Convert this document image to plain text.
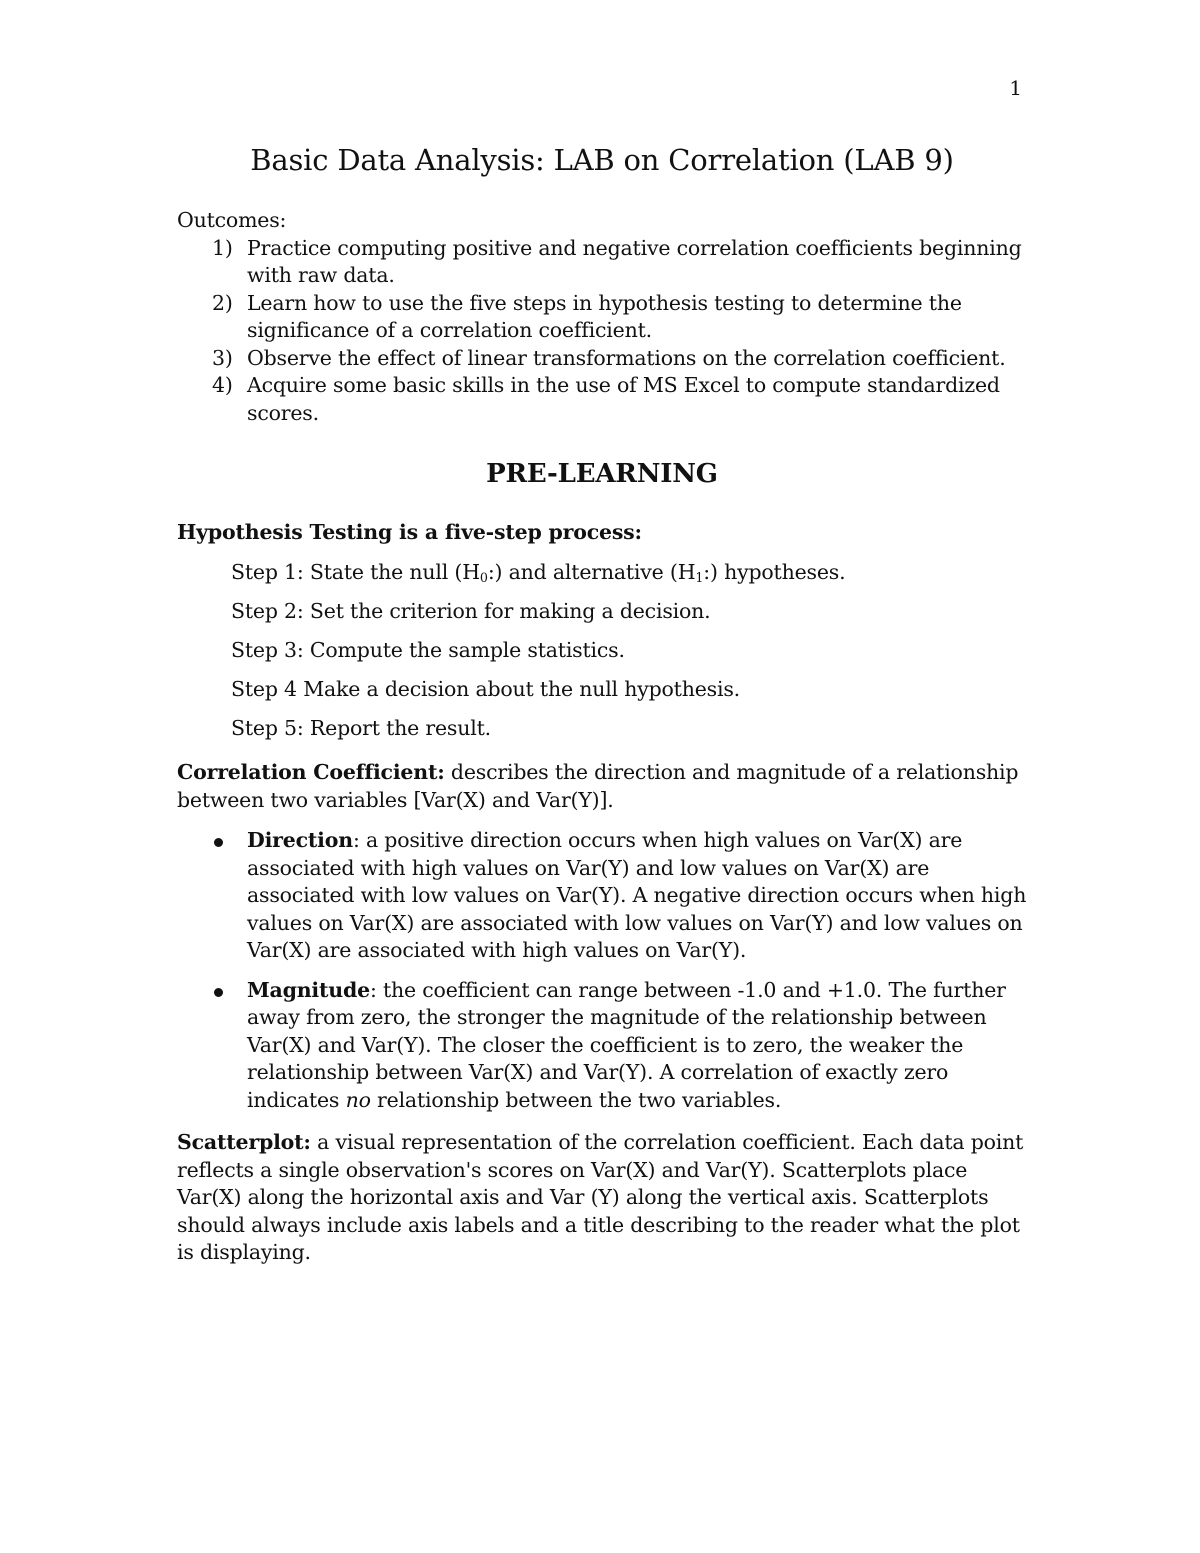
1
Basic Data Analysis: LAB on Correlation (LAB 9)

Outcomes:

1) Practice computing positive and negative correlation coefficients beginning with raw data.
2) Learn how to use the five steps in hypothesis testing to determine the significance of a correlation coefficient.
3) Observe the effect of linear transformations on the correlation coefficient.
4) Acquire some basic skills in the use of MS Excel to compute standardized scores.
PRE-LEARNING

Hypothesis Testing is a five-step process:

Step 1: State the null $(H_0:)$ and alternative $(H_1:)$ hypotheses.
Step 2: Set the criterion for making a decision.
Step 3: Compute the sample statistics.
Step 4 Make a decision about the null hypothesis.
Step 5: Report the result.

Correlation Coefficient: describes the direction and magnitude of a relationship between two variables [Var(X) and Var(Y)].

Direction: a positive direction occurs when high values on Var(X) are associated with high values on Var(Y) and low values on Var(X) are associated with low values on Var(Y). A negative direction occurs when high values on Var(X) are associated with low values on Var(Y) and low values on Var(X) are associated with high values on Var(Y).
Magnitude: the coefficient can range between -1.0 and +1.0. The further away from zero, the stronger the magnitude of the relationship between Var(X) and Var(Y). The closer the coefficient is to zero, the weaker the relationship between Var(X) and Var(Y). A correlation of exactly zero indicates no relationship between the two variables.

Scatterplot: a visual representation of the correlation coefficient. Each data point reflects a single observation's scores on Var(X) and Var(Y). Scatterplots place Var(X) along the horizontal axis and Var (Y) along the vertical axis. Scatterplots should always include axis labels and a title describing to the reader what the plot is displaying.
